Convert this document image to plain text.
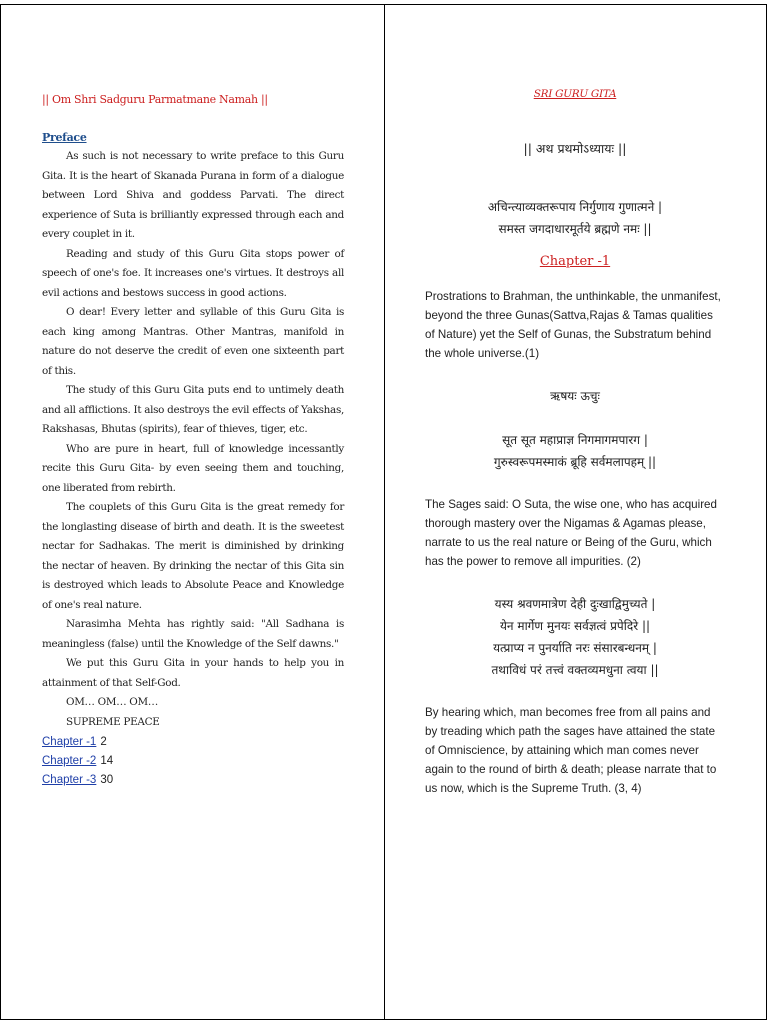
|| Om Shri Sadguru Parmatmane Namah ||
Preface

As such is not necessary to write preface to this Guru Gita. It is the heart of Skanada Purana in form of a dialogue between Lord Shiva and goddess Parvati. The direct experience of Suta is brilliantly expressed through each and every couplet in it.

Reading and study of this Guru Gita stops power of speech of one's foe. It increases one's virtues. It destroys all evil actions and bestows success in good actions.

O dear! Every letter and syllable of this Guru Gita is each king among Mantras. Other Mantras, manifold in nature do not deserve the credit of even one sixteenth part of this.

The study of this Guru Gita puts end to untimely death and all afflictions. It also destroys the evil effects of Yakshas, Rakshasas, Bhutas (spirits), fear of thieves, tiger, etc.

Who are pure in heart, full of knowledge incessantly recite this Guru Gita- by even seeing them and touching, one liberated from rebirth.

The couplets of this Guru Gita is the great remedy for the longlasting disease of birth and death. It is the sweetest nectar for Sadhakas. The merit is diminished by drinking the nectar of heaven. By drinking the nectar of this Gita sin is destroyed which leads to Absolute Peace and Knowledge of one's real nature.

Narasimha Mehta has rightly said: "All Sadhana is meaningless (false) until the Knowledge of the Self dawns."

We put this Guru Gita in your hands to help you in attainment of that Self-God.

OM… OM… OM…

SUPREME PEACE

Chapter -1 2
Chapter -2 14
Chapter -3 30
SRI GURU GITA

|| अथ प्रथमोऽध्यायः ||

अचिन्त्याव्यक्तरूपाय निर्गुणाय गुणात्मने |

समस्त जगदाधारमूर्तये ब्रह्मणे नमः ||

Chapter -1

Prostrations to Brahman, the unthinkable, the unmanifest, beyond the three Gunas(Sattva,Rajas & Tamas qualities of Nature) yet the Self of Gunas, the Substratum behind the whole universe.(1)

ऋषयः ऊचुः

सूत सूत महाप्राज्ञ निगमागमपारग |

गुरुस्वरूपमस्माकं ब्रूहि सर्वमलापहम् ||

The Sages said: O Suta, the wise one, who has acquired thorough mastery over the Nigamas & Agamas please, narrate to us the real nature or Being of the Guru, which has the power to remove all impurities. (2)

यस्य श्रवणमात्रेण देही दुःखाद्विमुच्यते |

येन मार्गेण मुनयः सर्वज्ञत्वं प्रपेदिरे ||

यत्प्राप्य न पुनर्याति नरः संसारबन्धनम् |

तथाविधं परं तत्त्वं वक्तव्यमधुना त्वया ||

By hearing which, man becomes free from all pains and by treading which path the sages have attained the state of Omniscience, by attaining which man comes never again to the round of birth & death; please narrate that to us now, which is the Supreme Truth. (3, 4)
